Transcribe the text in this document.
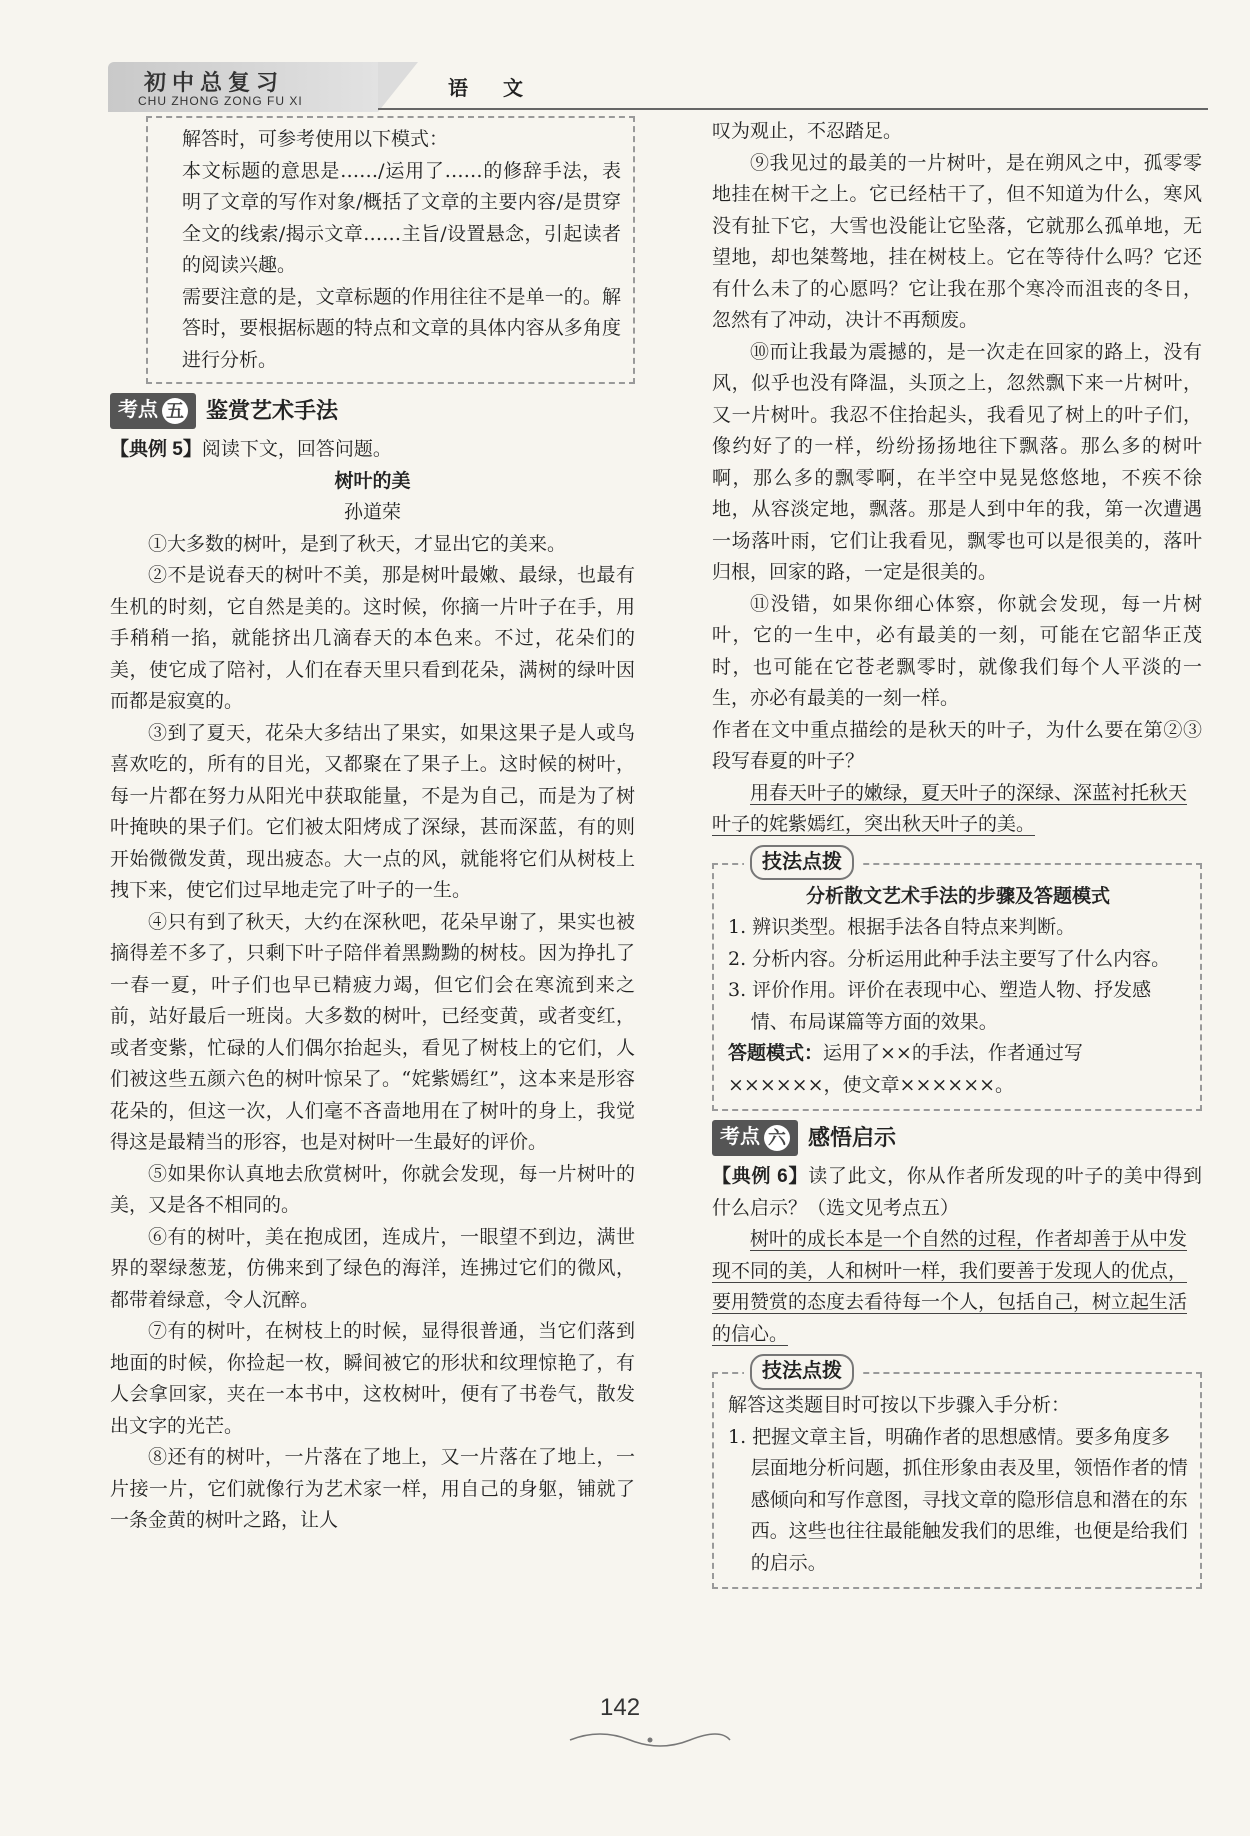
初中总复习
CHU ZHONG ZONG FU XI
语 文

解答时，可参考使用以下模式：

本文标题的意思是……/运用了……的修辞手法，表明了文章的写作对象/概括了文章的主要内容/是贯穿全文的线索/揭示文章……主旨/设置悬念，引起读者的阅读兴趣。

需要注意的是，文章标题的作用往往不是单一的。解答时，要根据标题的特点和文章的具体内容从多角度进行分析。

考点 五 鉴赏艺术手法

【典例 5】阅读下文，回答问题。

树叶的美

孙道荣

①大多数的树叶，是到了秋天，才显出它的美来。

②不是说春天的树叶不美，那是树叶最嫩、最绿，也最有生机的时刻，它自然是美的。这时候，你摘一片叶子在手，用手稍稍一掐，就能挤出几滴春天的本色来。不过，花朵们的美，使它成了陪衬，人们在春天里只看到花朵，满树的绿叶因而都是寂寞的。

③到了夏天，花朵大多结出了果实，如果这果子是人或鸟喜欢吃的，所有的目光，又都聚在了果子上。这时候的树叶，每一片都在努力从阳光中获取能量，不是为自己，而是为了树叶掩映的果子们。它们被太阳烤成了深绿，甚而深蓝，有的则开始微微发黄，现出疲态。大一点的风，就能将它们从树枝上拽下来，使它们过早地走完了叶子的一生。

④只有到了秋天，大约在深秋吧，花朵早谢了，果实也被摘得差不多了，只剩下叶子陪伴着黑黝黝的树枝。因为挣扎了一春一夏，叶子们也早已精疲力竭，但它们会在寒流到来之前，站好最后一班岗。大多数的树叶，已经变黄，或者变红，或者变紫，忙碌的人们偶尔抬起头，看见了树枝上的它们，人们被这些五颜六色的树叶惊呆了。“姹紫嫣红”，这本来是形容花朵的，但这一次，人们毫不吝啬地用在了树叶的身上，我觉得这是最精当的形容，也是对树叶一生最好的评价。

⑤如果你认真地去欣赏树叶，你就会发现，每一片树叶的美，又是各不相同的。

⑥有的树叶，美在抱成团，连成片，一眼望不到边，满世界的翠绿葱茏，仿佛来到了绿色的海洋，连拂过它们的微风，都带着绿意，令人沉醉。

⑦有的树叶，在树枝上的时候，显得很普通，当它们落到地面的时候，你捡起一枚，瞬间被它的形状和纹理惊艳了，有人会拿回家，夹在一本书中，这枚树叶，便有了书卷气，散发出文字的光芒。

⑧还有的树叶，一片落在了地上，又一片落在了地上，一片接一片，它们就像行为艺术家一样，用自己的身躯，铺就了一条金黄的树叶之路，让人

叹为观止，不忍踏足。

⑨我见过的最美的一片树叶，是在朔风之中，孤零零地挂在树干之上。它已经枯干了，但不知道为什么，寒风没有扯下它，大雪也没能让它坠落，它就那么孤单地，无望地，却也桀骜地，挂在树枝上。它在等待什么吗？它还有什么未了的心愿吗？它让我在那个寒冷而沮丧的冬日，忽然有了冲动，决计不再颓废。

⑩而让我最为震撼的，是一次走在回家的路上，没有风，似乎也没有降温，头顶之上，忽然飘下来一片树叶，又一片树叶。我忍不住抬起头，我看见了树上的叶子们，像约好了的一样，纷纷扬扬地往下飘落。那么多的树叶啊，那么多的飘零啊，在半空中晃晃悠悠地，不疾不徐地，从容淡定地，飘落。那是人到中年的我，第一次遭遇一场落叶雨，它们让我看见，飘零也可以是很美的，落叶归根，回家的路，一定是很美的。

⑪没错，如果你细心体察，你就会发现，每一片树叶，它的一生中，必有最美的一刻，可能在它韶华正茂时，也可能在它苍老飘零时，就像我们每个人平淡的一生，亦必有最美的一刻一样。

作者在文中重点描绘的是秋天的叶子，为什么要在第②③段写春夏的叶子？

用春天叶子的嫩绿，夏天叶子的深绿、深蓝衬托秋天叶子的姹紫嫣红，突出秋天叶子的美。

技法点拨
分析散文艺术手法的步骤及答题模式

1. 辨识类型。根据手法各自特点来判断。

2. 分析内容。分析运用此种手法主要写了什么内容。

3. 评价作用。评价在表现中心、塑造人物、抒发感情、布局谋篇等方面的效果。

答题模式：运用了××的手法，作者通过写××××××，使文章××××××。

考点 六 感悟启示

【典例 6】读了此文，你从作者所发现的叶子的美中得到什么启示？（选文见考点五）

树叶的成长本是一个自然的过程，作者却善于从中发现不同的美，人和树叶一样，我们要善于发现人的优点，要用赞赏的态度去看待每一个人，包括自己，树立起生活的信心。

技法点拨

解答这类题目时可按以下步骤入手分析：

1. 把握文章主旨，明确作者的思想感情。要多角度多层面地分析问题，抓住形象由表及里，领悟作者的情感倾向和写作意图，寻找文章的隐形信息和潜在的东西。这些也往往最能触发我们的思维，也便是给我们的启示。

142
